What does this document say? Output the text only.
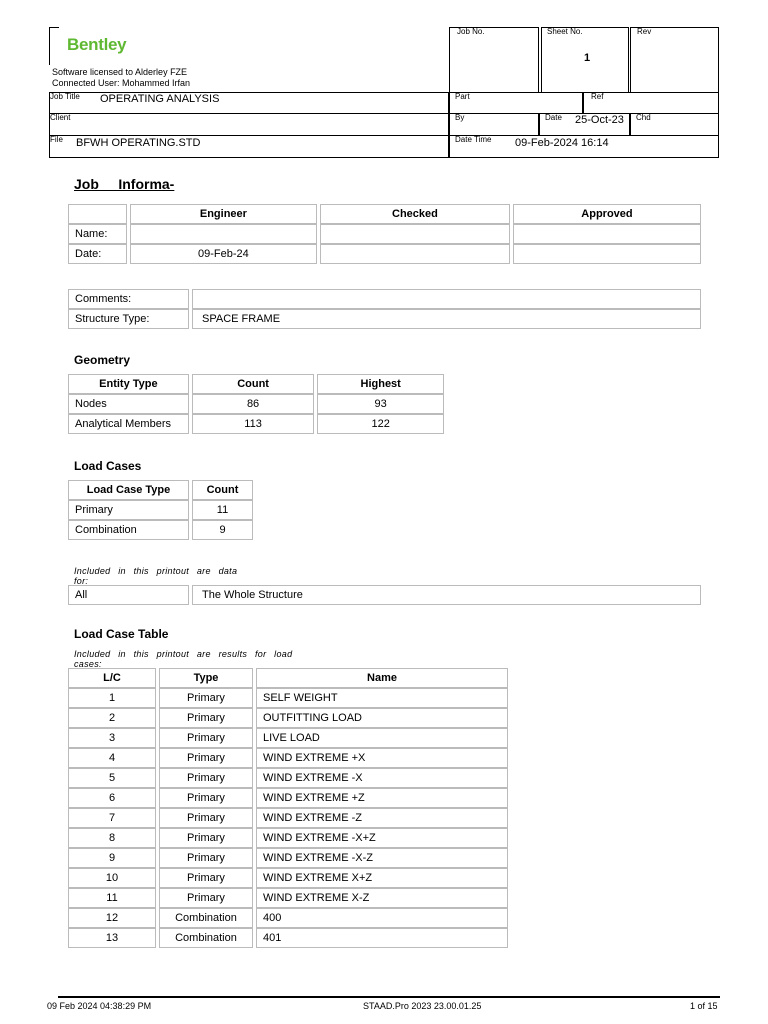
Bentley
Software licensed to Alderley FZE
Connected User: Mohammed Irfan
Job No.	Sheet No.
1
Rev
Job Title OPERATING ANALYSIS	Part	Ref
Client	By	Date 25-Oct-23 Chd
File BFWH OPERATING.STD	Date Time 09-Feb-2024 16:14
Job     Informa-
	Engineer	Checked	Approved
Name:			
Date:	09-Feb-24		
Comments:	
Structure Type:	SPACE FRAME
Geometry
Entity Type	Count	Highest
Nodes	86	93
Analytical Members	113	122
Load Cases
Load Case Type	Count
Primary	11
Combination	9
Included in this printout are data
for:
All	The Whole Structure
Load Case Table
Included in this printout are results for load
cases:
L/C	Type	Name
1	Primary	SELF WEIGHT
2	Primary	OUTFITTING LOAD
3	Primary	LIVE LOAD
4	Primary	WIND EXTREME +X
5	Primary	WIND EXTREME -X
6	Primary	WIND EXTREME +Z
7	Primary	WIND EXTREME -Z
8	Primary	WIND EXTREME -X+Z
9	Primary	WIND EXTREME -X-Z
10	Primary	WIND EXTREME X+Z
11	Primary	WIND EXTREME X-Z
12	Combination	400
13	Combination	401
09 Feb 2024 04:38:29 PM	STAAD.Pro 2023 23.00.01.25	1 of 15
